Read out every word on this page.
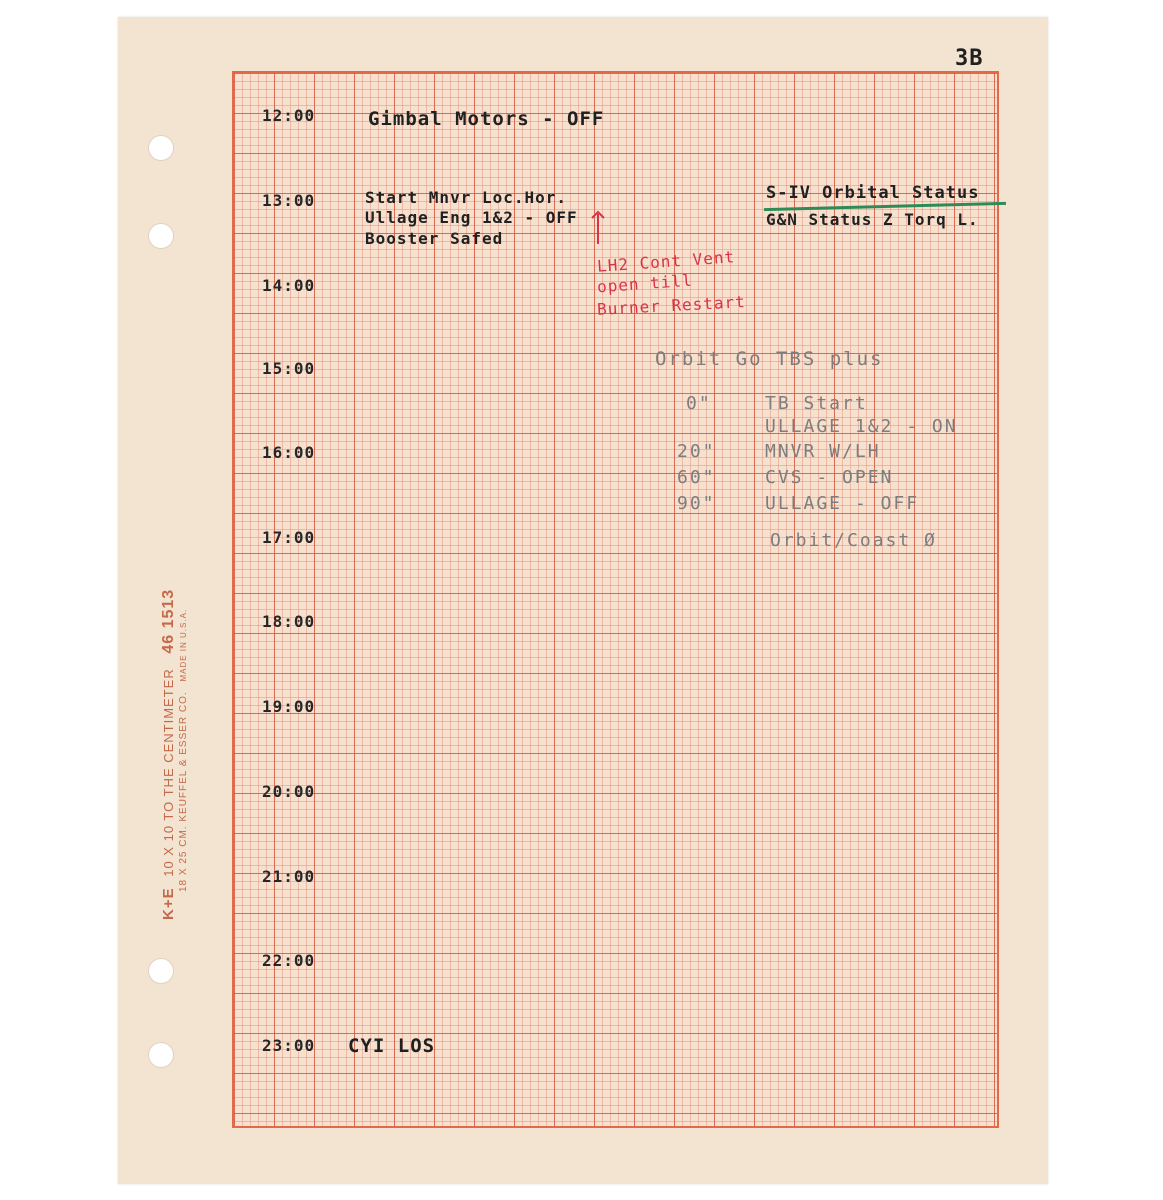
3B
12:00
13:00
14:00
15:00
16:00
17:00
18:00
19:00
20:00
21:00
22:00
23:00
Gimbal Motors - OFF
Start Mnvr Loc.Hor.
Ullage Eng 1&2 - OFF
Booster Safed
S-IV Orbital Status
G&N Status Z Torq L.
LH2 Cont Vent
open till
Burner Restart
Orbit Go TBS plus
0"	TB Start
ULLAGE 1&2 - ON
20"	MNVR W/LH
60"	CVS - OPEN
90"	ULLAGE - OFF
Orbit/Coast Ø
CYI LOS
K+E 10 X 10 TO THE CENTIMETER 46 1513
18 X 25 CM. KEUFFEL & ESSER CO. MADE IN U.S.A.
